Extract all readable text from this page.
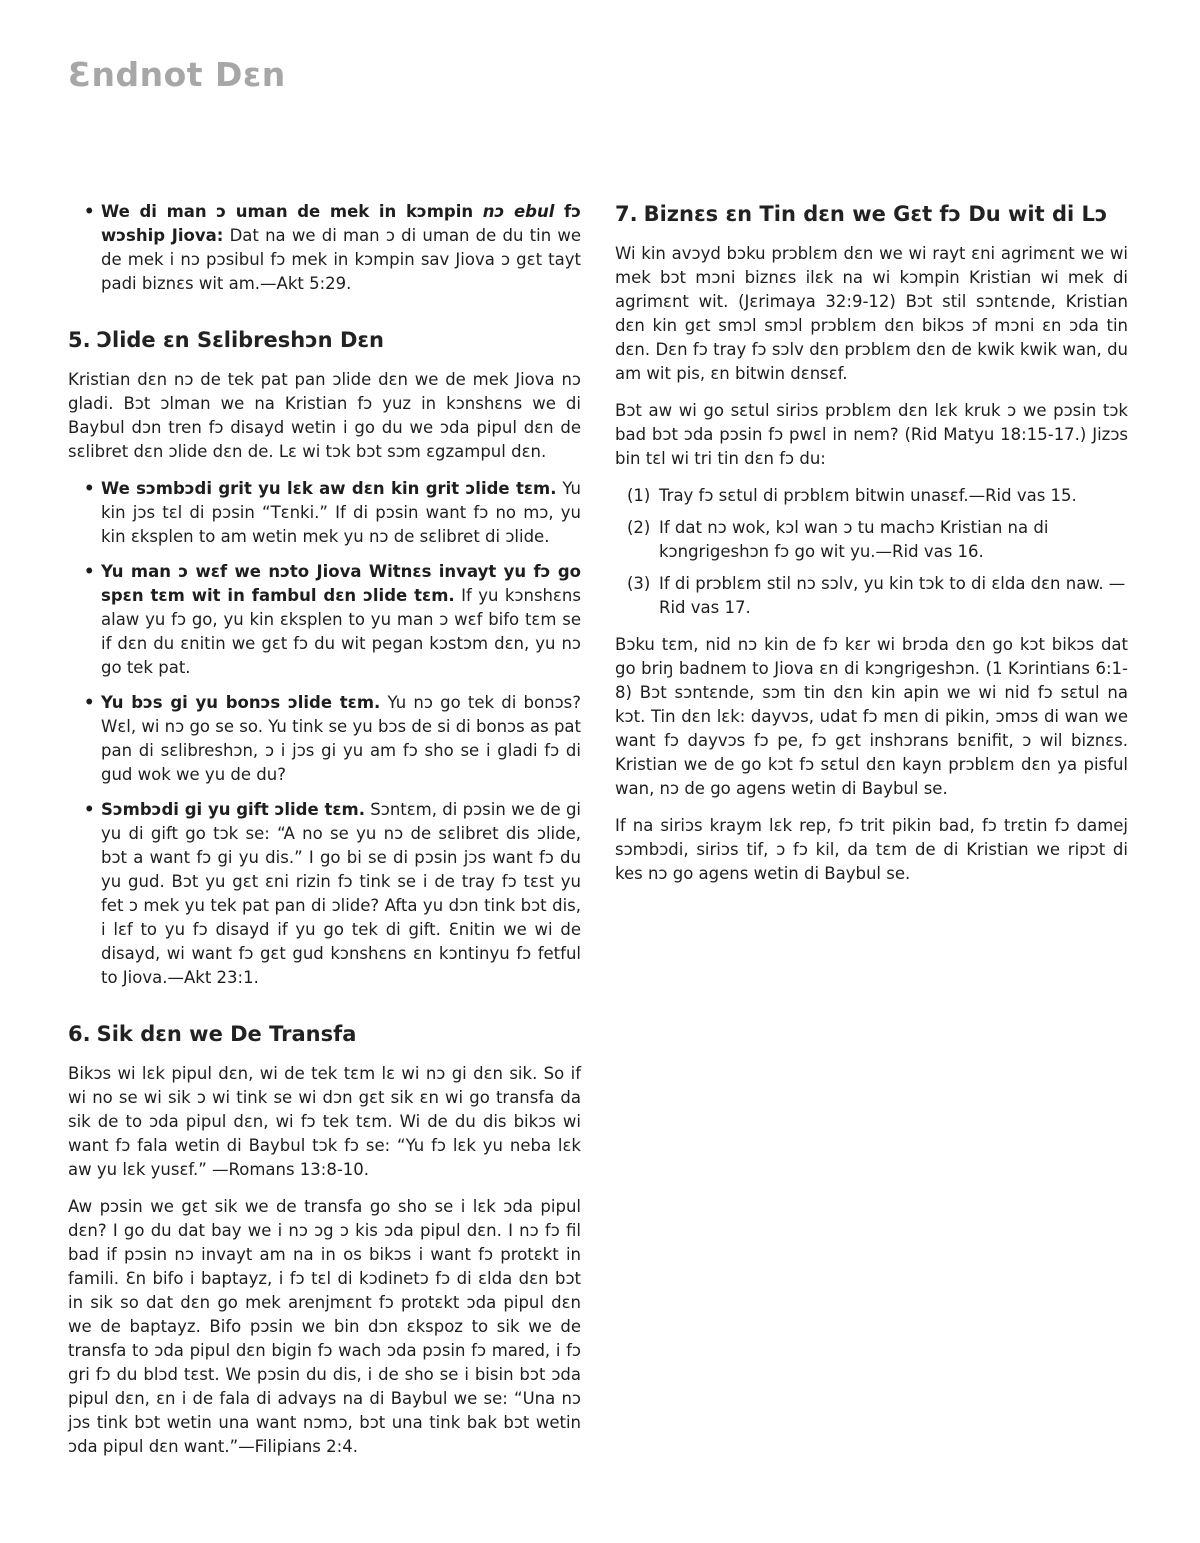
Ɛndnot Dɛn
• We di man ɔ uman de mek in kɔmpin nɔ ebul fɔ wɔship Jiova: Dat na we di man ɔ di uman de du tin we de mek i nɔ pɔsibul fɔ mek in kɔmpin sav Jiova ɔ gɛt tayt padi biznɛs wit am.—Akt 5:29.
5. Ɔlide ɛn Sɛlibreshɔn Dɛn

Kristian dɛn nɔ de tek pat pan ɔlide dɛn we de mek Jiova nɔ gladi. Bɔt ɔlman we na Kristian fɔ yuz in kɔnshɛns we di Baybul dɔn tren fɔ disayd wetin i go du we ɔda pipul dɛn de sɛlibret dɛn ɔlide dɛn de. Lɛ wi tɔk bɔt sɔm ɛgzampul dɛn.

• We sɔmbɔdi grit yu lɛk aw dɛn kin grit ɔlide tɛm. Yu kin jɔs tɛl di pɔsin “Tɛnki.” If di pɔsin want fɔ no mɔ, yu kin ɛksplen to am wetin mek yu nɔ de sɛlibret di ɔlide.
• Yu man ɔ wɛf we nɔto Jiova Witnɛs invayt yu fɔ go spɛn tɛm wit in fambul dɛn ɔlide tɛm. If yu kɔnshɛns alaw yu fɔ go, yu kin ɛksplen to yu man ɔ wɛf bifo tɛm se if dɛn du ɛnitin we gɛt fɔ du wit pegan kɔstɔm dɛn, yu nɔ go tek pat.
• Yu bɔs gi yu bonɔs ɔlide tɛm. Yu nɔ go tek di bonɔs? Wɛl, wi nɔ go se so. Yu tink se yu bɔs de si di bonɔs as pat pan di sɛlibreshɔn, ɔ i jɔs gi yu am fɔ sho se i gladi fɔ di gud wok we yu de du?
• Sɔmbɔdi gi yu gift ɔlide tɛm. Sɔntɛm, di pɔsin we de gi yu di gift go tɔk se: “A no se yu nɔ de sɛlibret dis ɔlide, bɔt a want fɔ gi yu dis.” I go bi se di pɔsin jɔs want fɔ du yu gud. Bɔt yu gɛt ɛni rizin fɔ tink se i de tray fɔ tɛst yu fet ɔ mek yu tek pat pan di ɔlide? Afta yu dɔn tink bɔt dis, i lɛf to yu fɔ disayd if yu go tek di gift. Ɛnitin we wi de disayd, wi want fɔ gɛt gud kɔnshɛns ɛn kɔntinyu fɔ fetful to Jiova.—Akt 23:1.
6. Sik dɛn we De Transfa

Bikɔs wi lɛk pipul dɛn, wi de tek tɛm lɛ wi nɔ gi dɛn sik. So if wi no se wi sik ɔ wi tink se wi dɔn gɛt sik ɛn wi go transfa da sik de to ɔda pipul dɛn, wi fɔ tek tɛm. Wi de du dis bikɔs wi want fɔ fala wetin di Baybul tɔk fɔ se: “Yu fɔ lɛk yu neba lɛk aw yu lɛk yusɛf.” —Romans 13:8-10.

Aw pɔsin we gɛt sik we de transfa go sho se i lɛk ɔda pipul dɛn? I go du dat bay we i nɔ ɔg ɔ kis ɔda pipul dɛn. I nɔ fɔ fil bad if pɔsin nɔ invayt am na in os bikɔs i want fɔ protɛkt in famili. Ɛn bifo i baptayz, i fɔ tɛl di kɔdinetɔ fɔ di ɛlda dɛn bɔt in sik so dat dɛn go mek arenjmɛnt fɔ protɛkt ɔda pipul dɛn we de baptayz. Bifo pɔsin we bin dɔn ɛkspoz to sik we de transfa to ɔda pipul dɛn bigin fɔ wach ɔda pɔsin fɔ mared, i fɔ gri fɔ du blɔd tɛst. We pɔsin du dis, i de sho se i bisin bɔt ɔda pipul dɛn, ɛn i de fala di advays na di Baybul we se: “Una nɔ jɔs tink bɔt wetin una want nɔmɔ, bɔt una tink bak bɔt wetin ɔda pipul dɛn want.”—Filipians 2:4.

7. Biznɛs ɛn Tin dɛn we Gɛt fɔ Du wit di Lɔ

Wi kin avɔyd bɔku prɔblɛm dɛn we wi rayt ɛni agrimɛnt we wi mek bɔt mɔni biznɛs ilɛk na wi kɔmpin Kristian wi mek di agrimɛnt wit. (Jɛrimaya 32:9-12) Bɔt stil sɔntɛnde, Kristian dɛn kin gɛt smɔl smɔl prɔblɛm dɛn bikɔs ɔf mɔni ɛn ɔda tin dɛn. Dɛn fɔ tray fɔ sɔlv dɛn prɔblɛm dɛn de kwik kwik wan, du am wit pis, ɛn bitwin dɛnsɛf.

Bɔt aw wi go sɛtul siriɔs prɔblɛm dɛn lɛk kruk ɔ we pɔsin tɔk bad bɔt ɔda pɔsin fɔ pwɛl in nem? (Rid Matyu 18:15-17.) Jizɔs bin tɛl wi tri tin dɛn fɔ du:

(1) Tray fɔ sɛtul di prɔblɛm bitwin unasɛf.—Rid vas 15.
(2) If dat nɔ wok, kɔl wan ɔ tu machɔ Kristian na di kɔngrigeshɔn fɔ go wit yu.—Rid vas 16.
(3) If di prɔblɛm stil nɔ sɔlv, yu kin tɔk to di ɛlda dɛn naw. —Rid vas 17.

Bɔku tɛm, nid nɔ kin de fɔ kɛr wi brɔda dɛn go kɔt bikɔs dat go briŋ badnem to Jiova ɛn di kɔngrigeshɔn. (1 Kɔrintians 6:1-8) Bɔt sɔntɛnde, sɔm tin dɛn kin apin we wi nid fɔ sɛtul na kɔt. Tin dɛn lɛk: dayvɔs, udat fɔ mɛn di pikin, ɔmɔs di wan we want fɔ dayvɔs fɔ pe, fɔ gɛt inshɔrans bɛnifit, ɔ wil biznɛs. Kristian we de go kɔt fɔ sɛtul dɛn kayn prɔblɛm dɛn ya pisful wan, nɔ de go agens wetin di Baybul se.

If na siriɔs kraym lɛk rep, fɔ trit pikin bad, fɔ trɛtin fɔ damej sɔmbɔdi, siriɔs tif, ɔ fɔ kil, da tɛm de di Kristian we ripɔt di kes nɔ go agens wetin di Baybul se.
